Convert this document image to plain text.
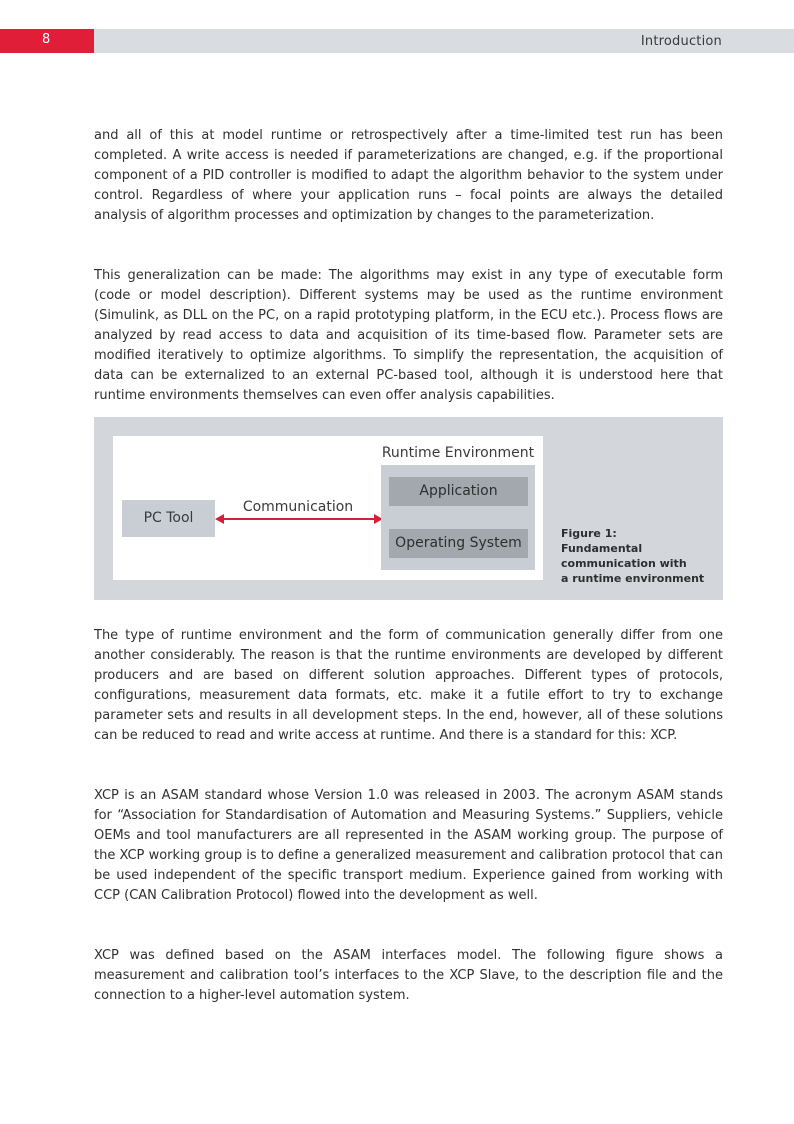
8	Introduction

and all of this at model runtime or retrospectively after a time-limited test run has been completed. A write access is needed if parameterizations are changed, e.g. if the proportional component of a PID controller is modified to adapt the algorithm behavior to the system under control. Regardless of where your application runs – focal points are always the detailed analysis of algorithm processes and optimization by changes to the parameterization.

This generalization can be made: The algorithms may exist in any type of executable form (code or model description). Different systems may be used as the runtime environment (Simulink, as DLL on the PC, on a rapid prototyping platform, in the ECU etc.). Process flows are analyzed by read access to data and acquisition of its time-based flow. Parameter sets are modified iteratively to optimize algorithms. To simplify the representation, the acquisition of data can be externalized to an external PC-based tool, although it is understood here that runtime environments themselves can even offer analysis capabilities.

PC Tool
Communication
Runtime Environment
Application
Operating System
Figure 1:
Fundamental
communication with
a runtime environment

The type of runtime environment and the form of communication generally differ from one another considerably. The reason is that the runtime environments are developed by different producers and are based on different solution approaches. Different types of protocols, configurations, measurement data formats, etc. make it a futile effort to try to exchange parameter sets and results in all development steps. In the end, however, all of these solutions can be reduced to read and write access at runtime. And there is a standard for this: XCP.

XCP is an ASAM standard whose Version 1.0 was released in 2003. The acronym ASAM stands for “Association for Standardisation of Automation and Measuring Systems.” Suppliers, vehicle OEMs and tool manufacturers are all represented in the ASAM working group. The purpose of the XCP working group is to define a generalized measurement and calibration protocol that can be used independent of the specific transport medium. Experience gained from working with CCP (CAN Calibration Protocol) flowed into the development as well.

XCP was defined based on the ASAM interfaces model. The following figure shows a measurement and calibration tool’s interfaces to the XCP Slave, to the description file and the connection to a higher-level automation system.
